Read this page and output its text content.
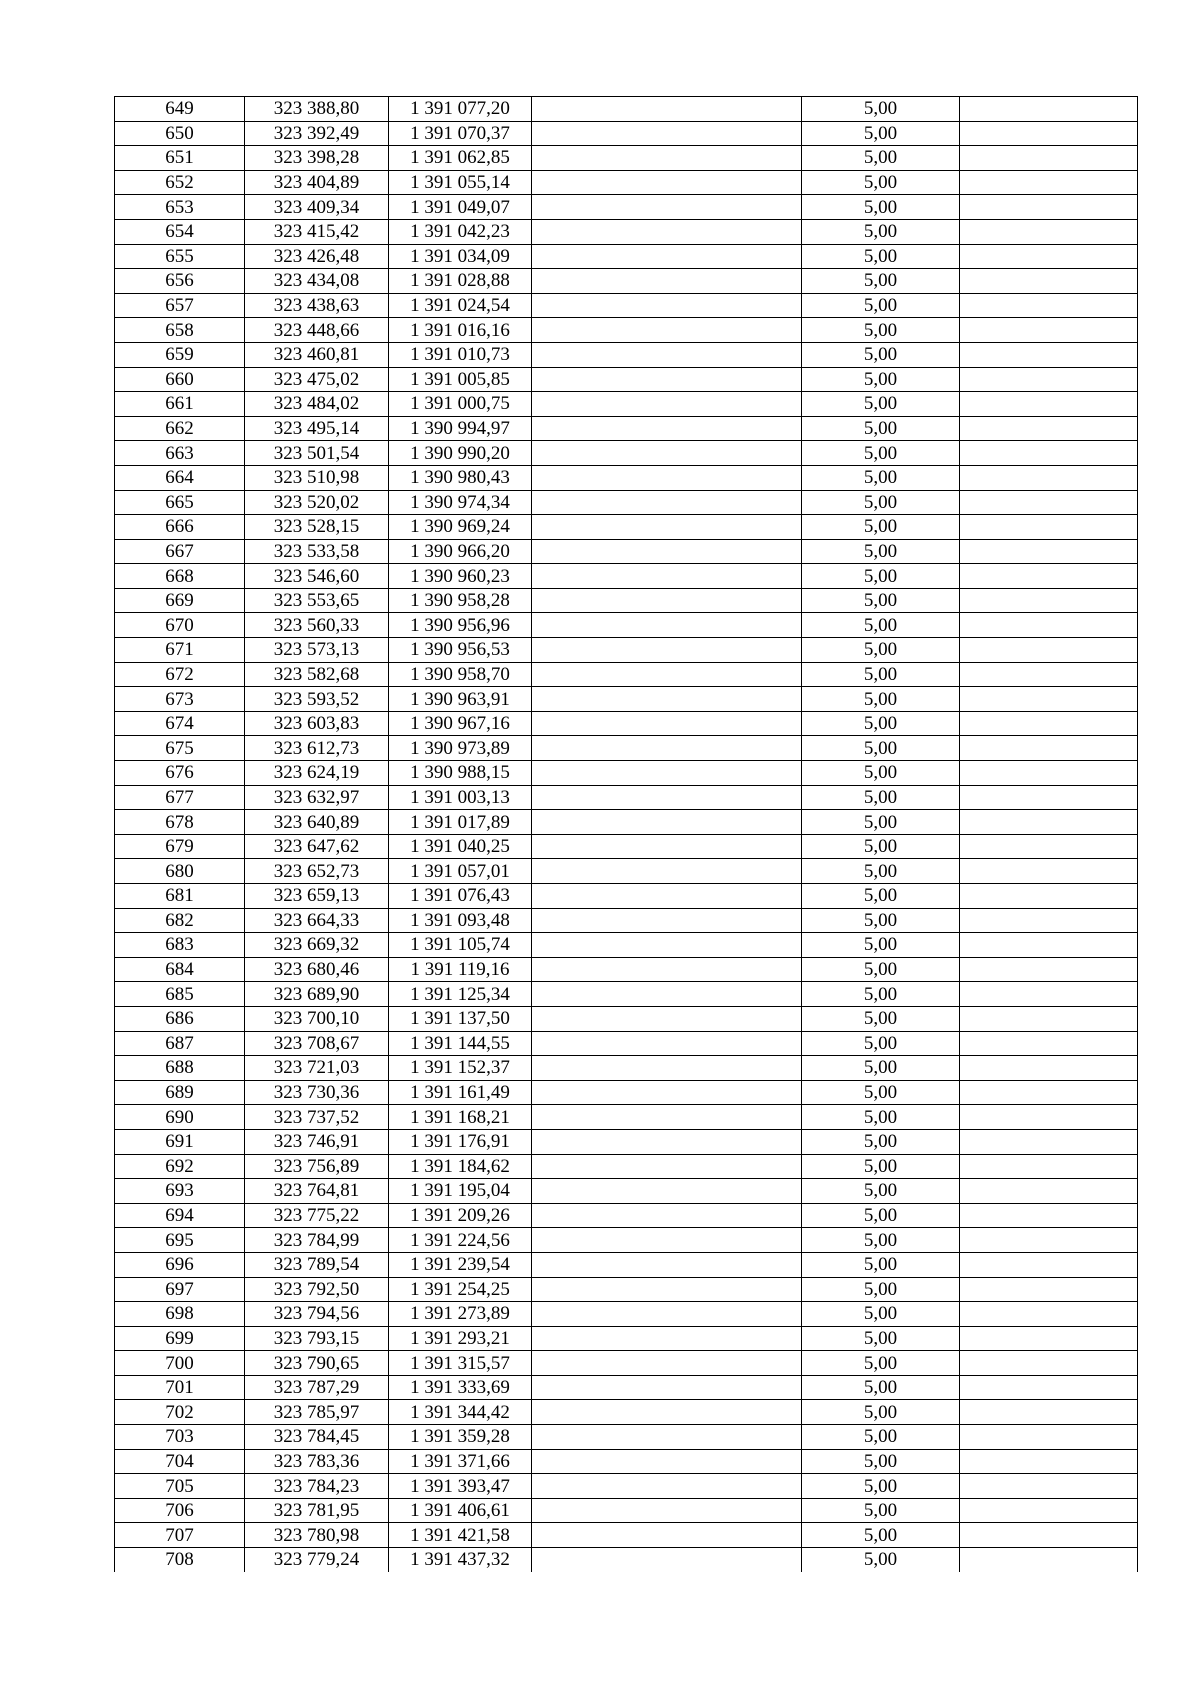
649	323 388,80	1 391 077,20		5,00	
650	323 392,49	1 391 070,37		5,00	
651	323 398,28	1 391 062,85		5,00	
652	323 404,89	1 391 055,14		5,00	
653	323 409,34	1 391 049,07		5,00	
654	323 415,42	1 391 042,23		5,00	
655	323 426,48	1 391 034,09		5,00	
656	323 434,08	1 391 028,88		5,00	
657	323 438,63	1 391 024,54		5,00	
658	323 448,66	1 391 016,16		5,00	
659	323 460,81	1 391 010,73		5,00	
660	323 475,02	1 391 005,85		5,00	
661	323 484,02	1 391 000,75		5,00	
662	323 495,14	1 390 994,97		5,00	
663	323 501,54	1 390 990,20		5,00	
664	323 510,98	1 390 980,43		5,00	
665	323 520,02	1 390 974,34		5,00	
666	323 528,15	1 390 969,24		5,00	
667	323 533,58	1 390 966,20		5,00	
668	323 546,60	1 390 960,23		5,00	
669	323 553,65	1 390 958,28		5,00	
670	323 560,33	1 390 956,96		5,00	
671	323 573,13	1 390 956,53		5,00	
672	323 582,68	1 390 958,70		5,00	
673	323 593,52	1 390 963,91		5,00	
674	323 603,83	1 390 967,16		5,00	
675	323 612,73	1 390 973,89		5,00	
676	323 624,19	1 390 988,15		5,00	
677	323 632,97	1 391 003,13		5,00	
678	323 640,89	1 391 017,89		5,00	
679	323 647,62	1 391 040,25		5,00	
680	323 652,73	1 391 057,01		5,00	
681	323 659,13	1 391 076,43		5,00	
682	323 664,33	1 391 093,48		5,00	
683	323 669,32	1 391 105,74		5,00	
684	323 680,46	1 391 119,16		5,00	
685	323 689,90	1 391 125,34		5,00	
686	323 700,10	1 391 137,50		5,00	
687	323 708,67	1 391 144,55		5,00	
688	323 721,03	1 391 152,37		5,00	
689	323 730,36	1 391 161,49		5,00	
690	323 737,52	1 391 168,21		5,00	
691	323 746,91	1 391 176,91		5,00	
692	323 756,89	1 391 184,62		5,00	
693	323 764,81	1 391 195,04		5,00	
694	323 775,22	1 391 209,26		5,00	
695	323 784,99	1 391 224,56		5,00	
696	323 789,54	1 391 239,54		5,00	
697	323 792,50	1 391 254,25		5,00	
698	323 794,56	1 391 273,89		5,00	
699	323 793,15	1 391 293,21		5,00	
700	323 790,65	1 391 315,57		5,00	
701	323 787,29	1 391 333,69		5,00	
702	323 785,97	1 391 344,42		5,00	
703	323 784,45	1 391 359,28		5,00	
704	323 783,36	1 391 371,66		5,00	
705	323 784,23	1 391 393,47		5,00	
706	323 781,95	1 391 406,61		5,00	
707	323 780,98	1 391 421,58		5,00	
708	323 779,24	1 391 437,32		5,00	
